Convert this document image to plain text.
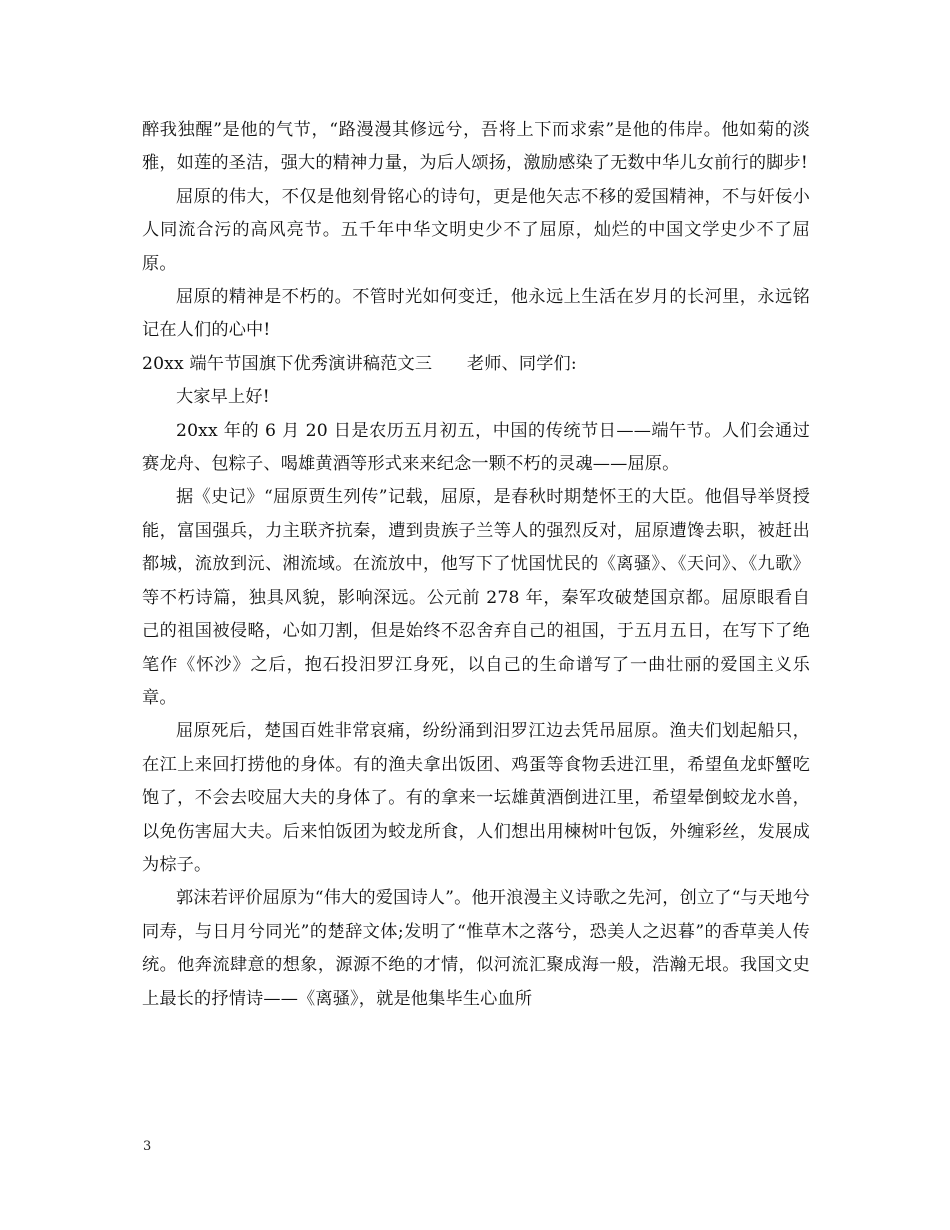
醉我独醒”是他的气节，“路漫漫其修远兮，吾将上下而求索”是他的伟岸。他如菊的淡雅，如莲的圣洁，强大的精神力量，为后人颂扬，激励感染了无数中华儿女前行的脚步!

屈原的伟大，不仅是他刻骨铭心的诗句，更是他矢志不移的爱国精神，不与奸佞小人同流合污的高风亮节。五千年中华文明史少不了屈原，灿烂的中国文学史少不了屈原。

屈原的精神是不朽的。不管时光如何变迁，他永远上生活在岁月的长河里，永远铭记在人们的心中!

20xx 端午节国旗下优秀演讲稿范文三　　老师、同学们:

大家早上好!

20xx 年的 6 月 20 日是农历五月初五，中国的传统节日——端午节。人们会通过赛龙舟、包粽子、喝雄黄酒等形式来来纪念一颗不朽的灵魂——屈原。

据《史记》“屈原贾生列传”记载，屈原，是春秋时期楚怀王的大臣。他倡导举贤授能，富国强兵，力主联齐抗秦，遭到贵族子兰等人的强烈反对，屈原遭馋去职，被赶出都城，流放到沅、湘流域。在流放中，他写下了忧国忧民的《离骚》、《天问》、《九歌》等不朽诗篇，独具风貌，影响深远。公元前 278 年，秦军攻破楚国京都。屈原眼看自己的祖国被侵略，心如刀割，但是始终不忍舍弃自己的祖国，于五月五日，在写下了绝笔作《怀沙》之后，抱石投汨罗江身死，以自己的生命谱写了一曲壮丽的爱国主义乐章。

屈原死后，楚国百姓非常哀痛，纷纷涌到汨罗江边去凭吊屈原。渔夫们划起船只，在江上来回打捞他的身体。有的渔夫拿出饭团、鸡蛋等食物丢进江里，希望鱼龙虾蟹吃饱了，不会去咬屈大夫的身体了。有的拿来一坛雄黄酒倒进江里，希望晕倒蛟龙水兽，以免伤害屈大夫。后来怕饭团为蛟龙所食，人们想出用楝树叶包饭，外缠彩丝，发展成为棕子。

郭沫若评价屈原为“伟大的爱国诗人”。他开浪漫主义诗歌之先河，创立了“与天地兮同寿，与日月兮同光”的楚辞文体;发明了“惟草木之落兮，恐美人之迟暮”的香草美人传统。他奔流肆意的想象，源源不绝的才情，似河流汇聚成海一般，浩瀚无垠。我国文史上最长的抒情诗——《离骚》，就是他集毕生心血所

3
